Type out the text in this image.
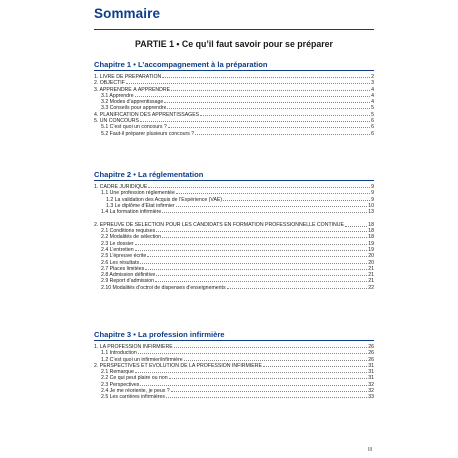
Sommaire
PARTIE 1 • Ce qu’il faut savoir pour se préparer
Chapitre 1 • L’accompagnement à la préparation
1. LIVRE DE PRÉPARATION	2
2. OBJECTIF	3
3. APPRENDRE À APPRENDRE	4
3.1 Apprendre	4
3.2 Modes d’apprentissage	4
3.3 Conseils pour apprendre	5
4. PLANIFICATION DES APPRENTISSAGES	5
5. UN CONCOURS	6
5.1 C’est quoi un concours ?	6
5.2 Faut-il préparer plusieurs concours ?	6
Chapitre 2 • La réglementation
1. CADRE JURIDIQUE	9
1.1 Une profession réglementée	9
1.2 La validation des Acquis de l’Expérience (VAE)	9
1.3 Le diplôme d’État infirmier	10
1.4 La formation infirmière	13
2. ÉPREUVE DE SÉLECTION POUR LES CANDIDATS EN FORMATION PROFESSIONNELLE CONTINUE	18
2.1 Conditions requises	18
2.2 Modalités de sélection	18
2.3 Le dossier	19
2.4 L’entretien	19
2.5 L’épreuve écrite	20
2.6 Les résultats	20
2.7 Places limitées	21
2.8 Admission définitive	21
2.9 Report d’admission	21
2.10 Modalités d’octroi de dispenses d’enseignements	22
Chapitre 3 • La profession infirmière
1. LA PROFESSION INFIRMIÈRE	26
1.1 Introduction	26
1.2 C’est quoi un infirmier/infirmière	26
2. PERSPECTIVES ET ÉVOLUTION DE LA PROFESSION INFIRMIÈRE	31
2.1 Remarque	31
2.2 Ce qui peut plaire ou non	31
2.3 Perspectives	32
2.4 Je me réoriente, je peux ?	32
2.5 Les carrières infirmières	33
III
